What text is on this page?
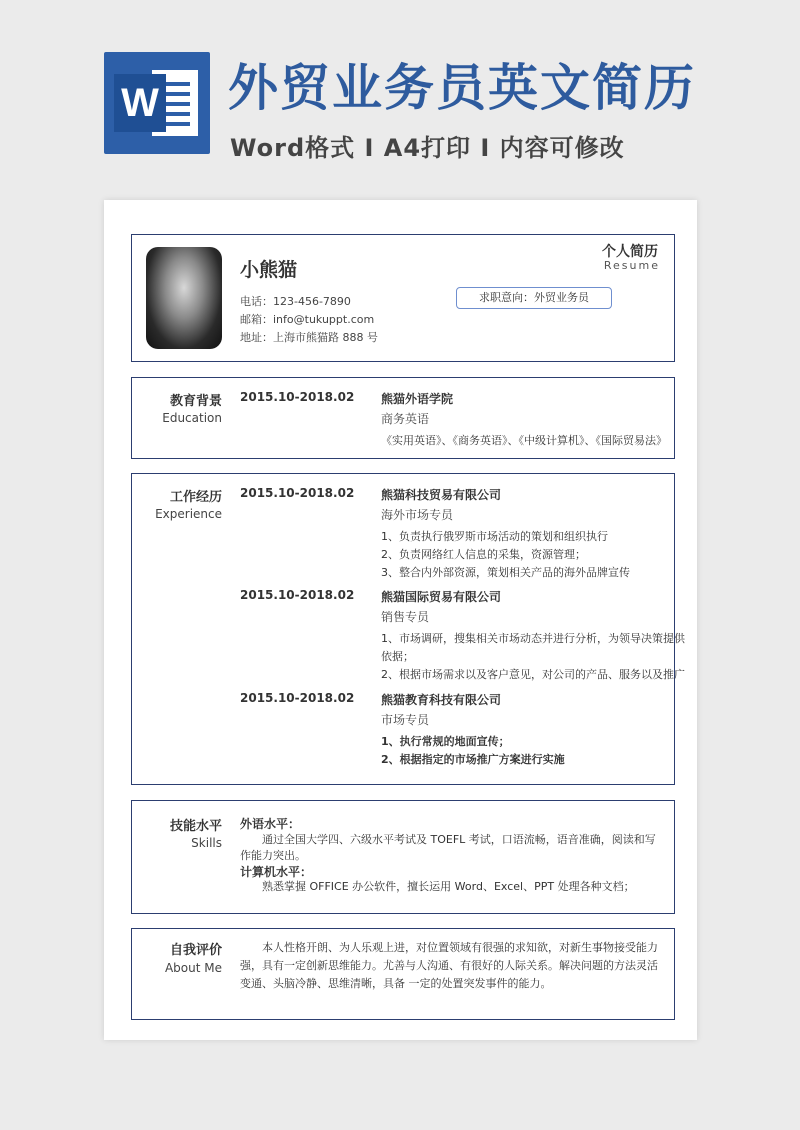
W 外贸业务员英文简历
Word格式 I A4打印 I 内容可修改
小熊猫
电话：123-456-7890
邮箱：info@tukuppt.com
地址：上海市熊猫路 888 号
个人简历
Resume
求职意向：外贸业务员
教育背景
Education
2015.10-2018.02 熊猫外语学院
商务英语
《实用英语》、《商务英语》、《中级计算机》、《国际贸易法》
工作经历
Experience
2015.10-2018.02 熊猫科技贸易有限公司
海外市场专员
1、负责执行俄罗斯市场活动的策划和组织执行
2、负责网络红人信息的采集，资源管理；
3、整合内外部资源，策划相关产品的海外品牌宣传
2015.10-2018.02 熊猫国际贸易有限公司
销售专员
1、市场调研，搜集相关市场动态并进行分析，为领导决策提供
依据；
2、根据市场需求以及客户意见，对公司的产品、服务以及推广
2015.10-2018.02 熊猫教育科技有限公司
市场专员
1、执行常规的地面宣传；
2、根据指定的市场推广方案进行实施
技能水平
Skills
外语水平：
通过全国大学四、六级水平考试及 TOEFL 考试，口语流畅，语音准确，阅读和写作能力突出。
计算机水平：
熟悉掌握 OFFICE 办公软件，擅长运用 Word、Excel、PPT 处理各种文档；
自我评价
About Me
本人性格开朗、为人乐观上进，对位置领域有很强的求知欲，对新生事物接受能力强，具有一定创新思维能力。尤善与人沟通、有很好的人际关系。解决问题的方法灵活变通、头脑冷静、思维清晰，具备 一定的处置突发事件的能力。
